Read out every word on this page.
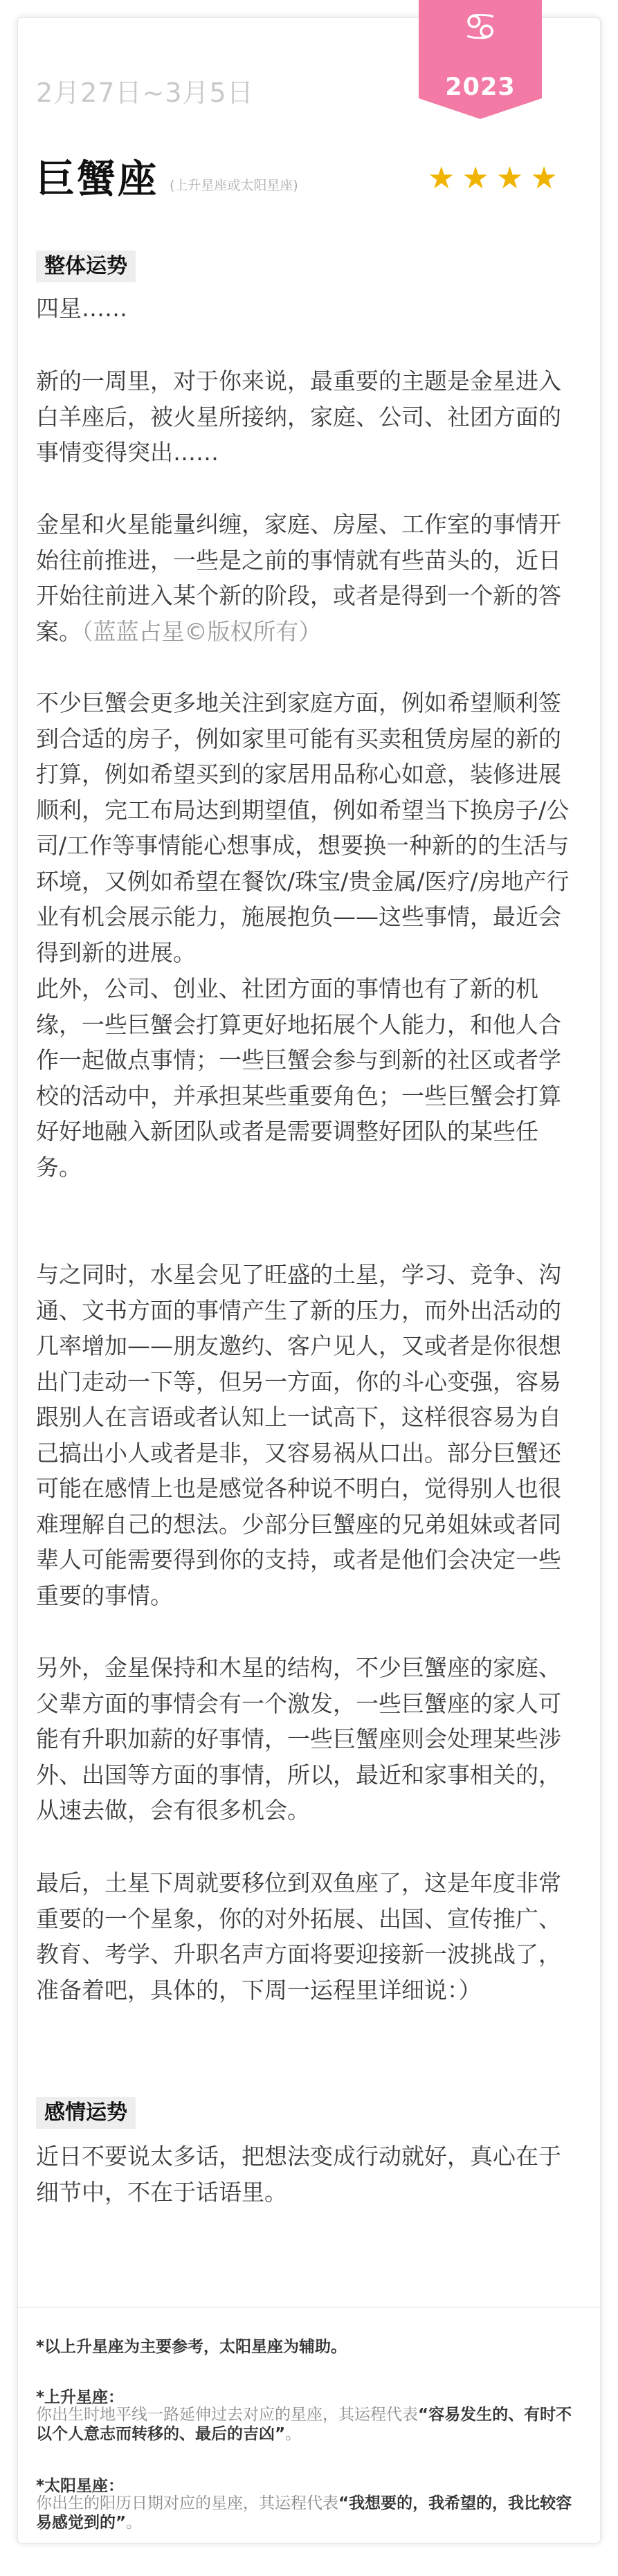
2月27日~3月5日
♋
2023
巨蟹座 (上升星座或太阳星座)	★★★★
整体运势

四星……

新的一周里，对于你来说，最重要的主题是金星进入白羊座后，被火星所接纳，家庭、公司、社团方面的事情变得突出……

金星和火星能量纠缠，家庭、房屋、工作室的事情开始往前推进，一些是之前的事情就有些苗头的，近日开始往前进入某个新的阶段，或者是得到一个新的答案。（蓝蓝占星©版权所有）

不少巨蟹会更多地关注到家庭方面，例如希望顺利签到合适的房子，例如家里可能有买卖租赁房屋的新的打算，例如希望买到的家居用品称心如意，装修进展顺利，完工布局达到期望值，例如希望当下换房子/公司/工作等事情能心想事成，想要换一种新的的生活与环境，又例如希望在餐饮/珠宝/贵金属/医疗/房地产行业有机会展示能力，施展抱负——这些事情，最近会得到新的进展。

此外，公司、创业、社团方面的事情也有了新的机缘，一些巨蟹会打算更好地拓展个人能力，和他人合作一起做点事情；一些巨蟹会参与到新的社区或者学校的活动中，并承担某些重要角色；一些巨蟹会打算好好地融入新团队或者是需要调整好团队的某些任务。

与之同时，水星会见了旺盛的土星，学习、竞争、沟通、文书方面的事情产生了新的压力，而外出活动的几率增加——朋友邀约、客户见人，又或者是你很想出门走动一下等，但另一方面，你的斗心变强，容易跟别人在言语或者认知上一试高下，这样很容易为自己搞出小人或者是非，又容易祸从口出。部分巨蟹还可能在感情上也是感觉各种说不明白，觉得别人也很难理解自己的想法。少部分巨蟹座的兄弟姐妹或者同辈人可能需要得到你的支持，或者是他们会决定一些重要的事情。

另外，金星保持和木星的结构，不少巨蟹座的家庭、父辈方面的事情会有一个激发，一些巨蟹座的家人可能有升职加薪的好事情，一些巨蟹座则会处理某些涉外、出国等方面的事情，所以，最近和家事相关的，从速去做，会有很多机会。

最后，土星下周就要移位到双鱼座了，这是年度非常重要的一个星象，你的对外拓展、出国、宣传推广、教育、考学、升职名声方面将要迎接新一波挑战了，准备着吧，具体的，下周一运程里详细说：）

感情运势

近日不要说太多话，把想法变成行动就好，真心在于细节中，不在于话语里。

*以上升星座为主要参考，太阳星座为辅助。

*上升星座：

你出生时地平线一路延伸过去对应的星座，其运程代表“容易发生的、有时不以个人意志而转移的、最后的吉凶”。

*太阳星座：

你出生的阳历日期对应的星座，其运程代表“我想要的，我希望的，我比较容易感觉到的”。
